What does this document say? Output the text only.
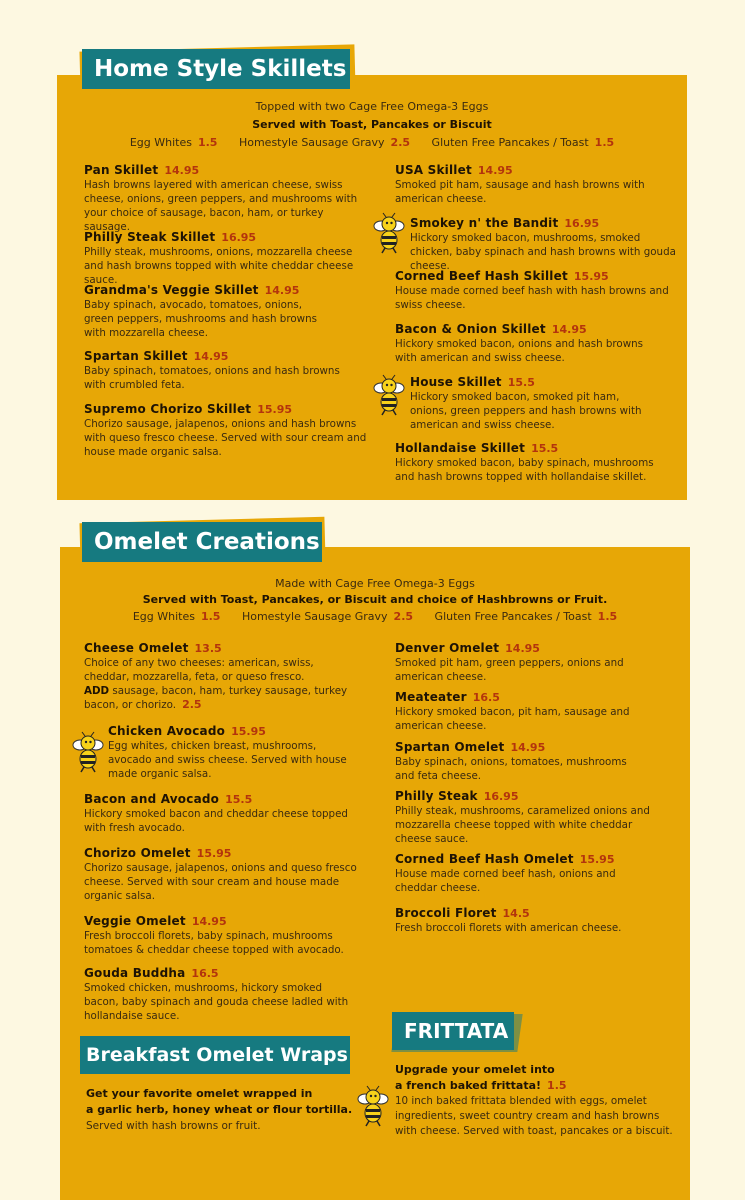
Home Style Skillets
Topped with two Cage Free Omega-3 Eggs
Served with Toast, Pancakes or Biscuit
Egg Whites 1.5 Homestyle Sausage Gravy 2.5 Gluten Free Pancakes / Toast 1.5
Pan Skillet 14.95

Hash browns layered with american cheese, swiss cheese, onions, green peppers, and mushrooms with your choice of sausage, bacon, ham, or turkey sausage.

Philly Steak Skillet 16.95

Philly steak, mushrooms, onions, mozzarella cheese and hash browns topped with white cheddar cheese sauce.

Grandma's Veggie Skillet 14.95

Baby spinach, avocado, tomatoes, onions, green peppers, mushrooms and hash browns with mozzarella cheese.

Spartan Skillet 14.95

Baby spinach, tomatoes, onions and hash browns with crumbled feta.

Supremo Chorizo Skillet 15.95

Chorizo sausage, jalapenos, onions and hash browns with queso fresco cheese. Served with sour cream and house made organic salsa.

USA Skillet 14.95

Smoked pit ham, sausage and hash browns with american cheese.

Smokey n' the Bandit 16.95

Hickory smoked bacon, mushrooms, smoked chicken, baby spinach and hash browns with gouda cheese.

Corned Beef Hash Skillet 15.95

House made corned beef hash with hash browns and swiss cheese.

Bacon & Onion Skillet 14.95

Hickory smoked bacon, onions and hash browns with american and swiss cheese.

House Skillet 15.5

Hickory smoked bacon, smoked pit ham, onions, green peppers and hash browns with american and swiss cheese.

Hollandaise Skillet 15.5

Hickory smoked bacon, baby spinach, mushrooms and hash browns topped with hollandaise skillet.

Omelet Creations
Made with Cage Free Omega-3 Eggs
Served with Toast, Pancakes, or Biscuit and choice of Hashbrowns or Fruit.
Egg Whites 1.5 Homestyle Sausage Gravy 2.5 Gluten Free Pancakes / Toast 1.5
Cheese Omelet 13.5

Choice of any two cheeses: american, swiss, cheddar, mozzarella, feta, or queso fresco.

ADD sausage, bacon, ham, turkey sausage, turkey bacon, or chorizo. 2.5

Chicken Avocado 15.95

Egg whites, chicken breast, mushrooms, avocado and swiss cheese. Served with house made organic salsa.

Bacon and Avocado 15.5

Hickory smoked bacon and cheddar cheese topped with fresh avocado.

Chorizo Omelet 15.95

Chorizo sausage, jalapenos, onions and queso fresco cheese. Served with sour cream and house made organic salsa.

Veggie Omelet 14.95

Fresh broccoli florets, baby spinach, mushrooms tomatoes & cheddar cheese topped with avocado.

Gouda Buddha 16.5

Smoked chicken, mushrooms, hickory smoked bacon, baby spinach and gouda cheese ladled with hollandaise sauce.

Denver Omelet 14.95

Smoked pit ham, green peppers, onions and american cheese.

Meateater 16.5

Hickory smoked bacon, pit ham, sausage and american cheese.

Spartan Omelet 14.95

Baby spinach, onions, tomatoes, mushrooms and feta cheese.

Philly Steak 16.95

Philly steak, mushrooms, caramelized onions and mozzarella cheese topped with white cheddar cheese sauce.

Corned Beef Hash Omelet 15.95

House made corned beef hash, onions and cheddar cheese.

Broccoli Floret 14.5

Fresh broccoli florets with american cheese.

Breakfast Omelet Wraps
Get your favorite omelet wrapped in
a garlic herb, honey wheat or flour tortilla.
Served with hash browns or fruit.
FRITTATA
Upgrade your omelet into
a french baked frittata! 1.5
10 inch baked frittata blended with eggs, omelet ingredients, sweet country cream and hash browns with cheese. Served with toast, pancakes or a biscuit.
